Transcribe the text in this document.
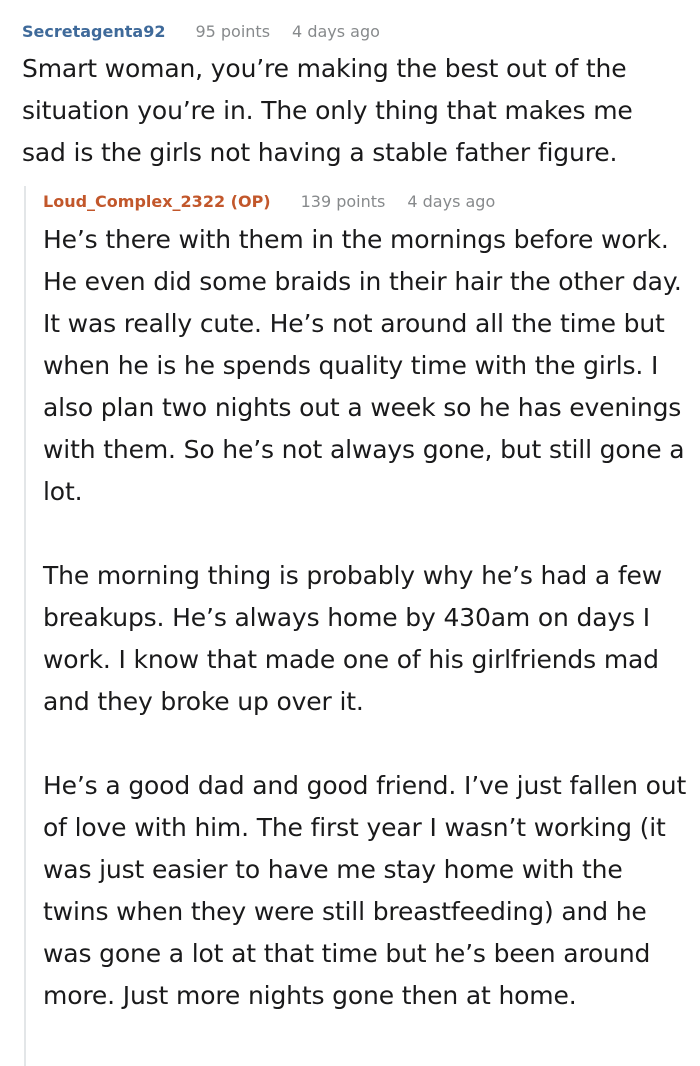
Secretagenta92 95 points 4 days ago
Smart woman, you’re making the best out of the situation you’re in. The only thing that makes me sad is the girls not having a stable father figure.
Loud_Complex_2322 (OP) 139 points 4 days ago

He’s there with them in the mornings before work. He even did some braids in their hair the other day. It was really cute. He’s not around all the time but when he is he spends quality time with the girls. I also plan two nights out a week so he has evenings with them. So he’s not always gone, but still gone a lot.

The morning thing is probably why he’s had a few breakups. He’s always home by 430am on days I work. I know that made one of his girlfriends mad and they broke up over it.

He’s a good dad and good friend. I’ve just fallen out of love with him. The first year I wasn’t working (it was just easier to have me stay home with the twins when they were still breastfeeding) and he was gone a lot at that time but he’s been around more. Just more nights gone then at home.
